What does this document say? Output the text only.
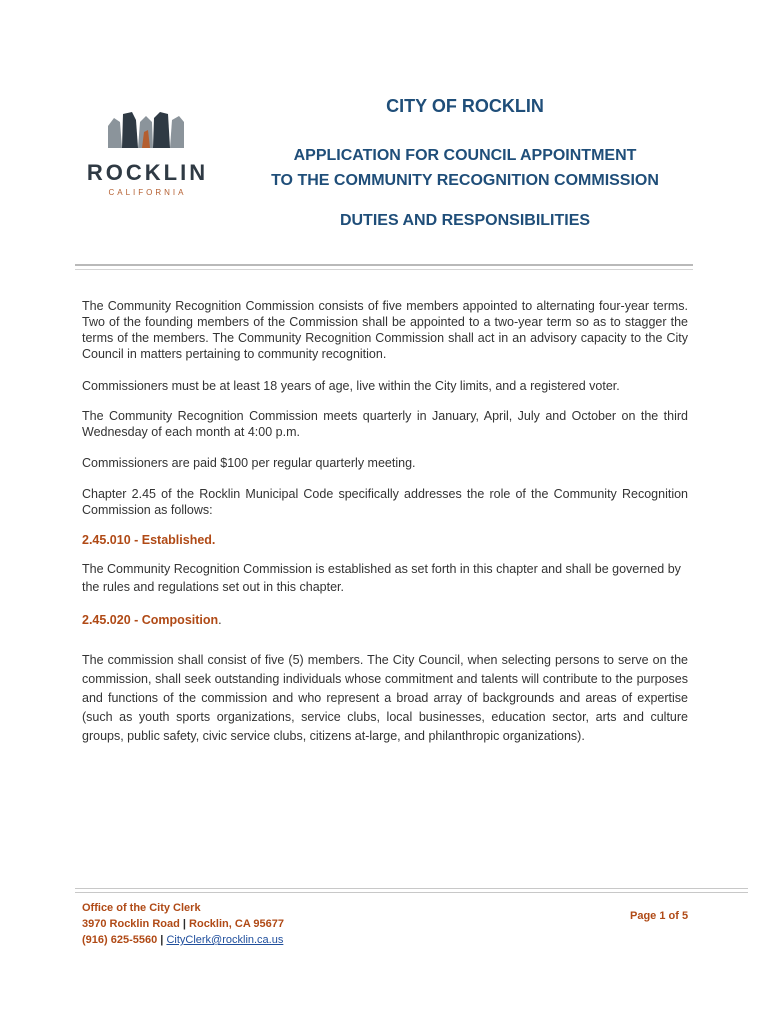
ROCKLIN
CALIFORNIA
CITY OF ROCKLIN
APPLICATION FOR COUNCIL APPOINTMENT
TO THE COMMUNITY RECOGNITION COMMISSION
DUTIES AND RESPONSIBILITIES

The Community Recognition Commission consists of five members appointed to alternating four-year terms. Two of the founding members of the Commission shall be appointed to a two-year term so as to stagger the terms of the members. The Community Recognition Commission shall act in an advisory capacity to the City Council in matters pertaining to community recognition.

Commissioners must be at least 18 years of age, live within the City limits, and a registered voter.

The Community Recognition Commission meets quarterly in January, April, July and October on the third Wednesday of each month at 4:00 p.m.

Commissioners are paid $100 per regular quarterly meeting.

Chapter 2.45 of the Rocklin Municipal Code specifically addresses the role of the Community Recognition Commission as follows:

2.45.010 - Established.

The Community Recognition Commission is established as set forth in this chapter and shall be governed by the rules and regulations set out in this chapter.

2.45.020 - Composition.

The commission shall consist of five (5) members. The City Council, when selecting persons to serve on the commission, shall seek outstanding individuals whose commitment and talents will contribute to the purposes and functions of the commission and who represent a broad array of backgrounds and areas of expertise (such as youth sports organizations, service clubs, local businesses, education sector, arts and culture groups, public safety, civic service clubs, citizens at-large, and philanthropic organizations).

Office of the City Clerk
3970 Rocklin Road | Rocklin, CA 95677
(916) 625-5560 | CityClerk@rocklin.ca.us
Page 1 of 5
